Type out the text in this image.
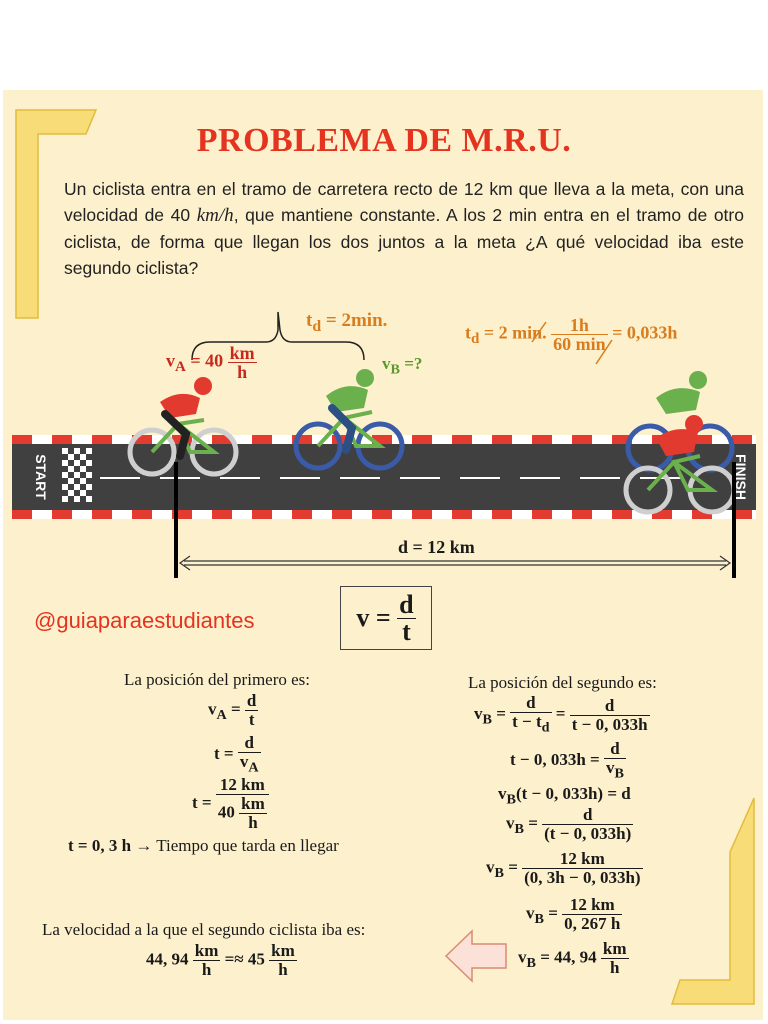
PROBLEMA DE M.R.U.
Un ciclista entra en el tramo de carretera recto de 12 km que lleva a la meta, con una velocidad de 40 km/h, que mantiene constante. A los 2 min entra en el tramo de otro ciclista, de forma que llegan los dos juntos a la meta ¿A qué velocidad iba este segundo ciclista?
START	FINISH
$t_d = 2\min$.
$t_d = 2$ min. $\frac{1h}{60 \min} = 0,033h$
$v_A = 40 \frac{km}{h}$	$v_B$ =?
d = 12 km
@guiaparaestudiantes	v =
$\frac{d}{t}$
La posición del primero es:
$v_A = \frac{d}{t}$
$t = \frac{d}{v_A}$
$t = \frac{12 km}{40 \frac{km}{h}}$
t = 0, 3 h → Tiempo que tarda en llegar
La posición del segundo es:
$v_B = \frac{d}{t - t_d} = \frac{d}{t - 0, 033h}$
t − 0, $033h = \frac{d}{v_B}$
$v_B(t - 0$, 033h) = d
$v_B = \frac{d}{(t - 0, 033h)}$
$v_B = \frac{12 km}{(0, 3h - 0, 033h)}$
$v_B = \frac{12 km}{0, 267 h}$
$v_B = 44$, $94 \frac{km}{h}$
La velocidad a la que el segundo ciclista iba es:
44, $94 \frac{km}{h} =\approx 45 \frac{km}{h}$
